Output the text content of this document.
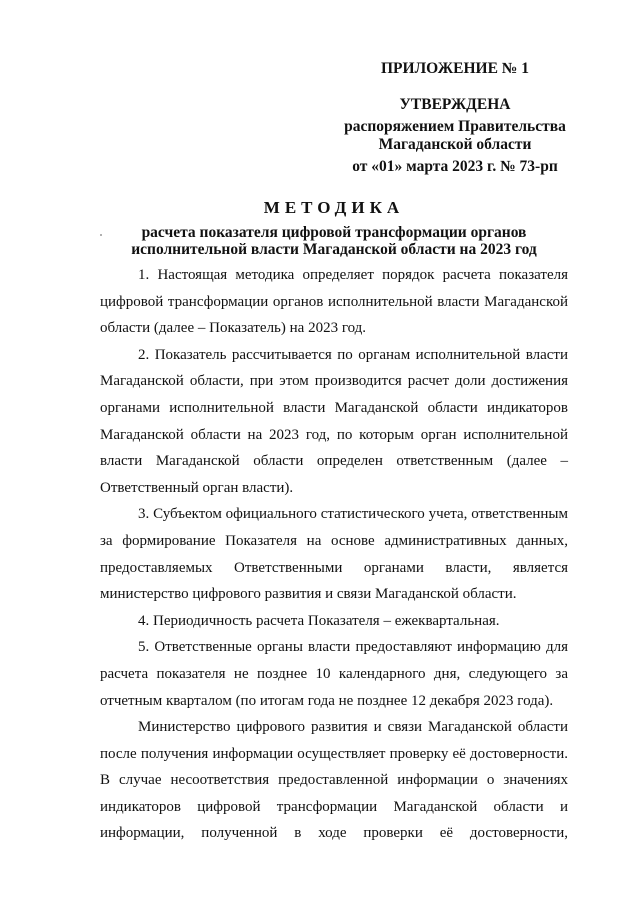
ПРИЛОЖЕНИЕ № 1
УТВЕРЖДЕНА
распоряжением Правительства
Магаданской области
от «01» марта 2023 г. № 73-рп
МЕТОДИКА
расчета показателя цифровой трансформации органов
исполнительной власти Магаданской области на 2023 год

1. Настоящая методика определяет порядок расчета показателя цифровой трансформации органов исполнительной власти Магаданской области (далее – Показатель) на 2023 год.

2. Показатель рассчитывается по органам исполнительной власти Магаданской области, при этом производится расчет доли достижения органами исполнительной власти Магаданской области индикаторов Магаданской области на 2023 год, по которым орган исполнительной власти Магаданской области определен ответственным (далее – Ответственный орган власти).

3. Субъектом официального статистического учета, ответственным за формирование Показателя на основе административных данных, предоставляемых Ответственными органами власти, является министерство цифрового развития и связи Магаданской области.

4. Периодичность расчета Показателя – ежеквартальная.

5. Ответственные органы власти предоставляют информацию для расчета показателя не позднее 10 календарного дня, следующего за отчетным кварталом (по итогам года не позднее 12 декабря 2023 года).

Министерство цифрового развития и связи Магаданской области после получения информации осуществляет проверку её достоверности. В случае несоответствия предоставленной информации о значениях индикаторов цифровой трансформации Магаданской области и информации, полученной в ходе проверки её достоверности,
